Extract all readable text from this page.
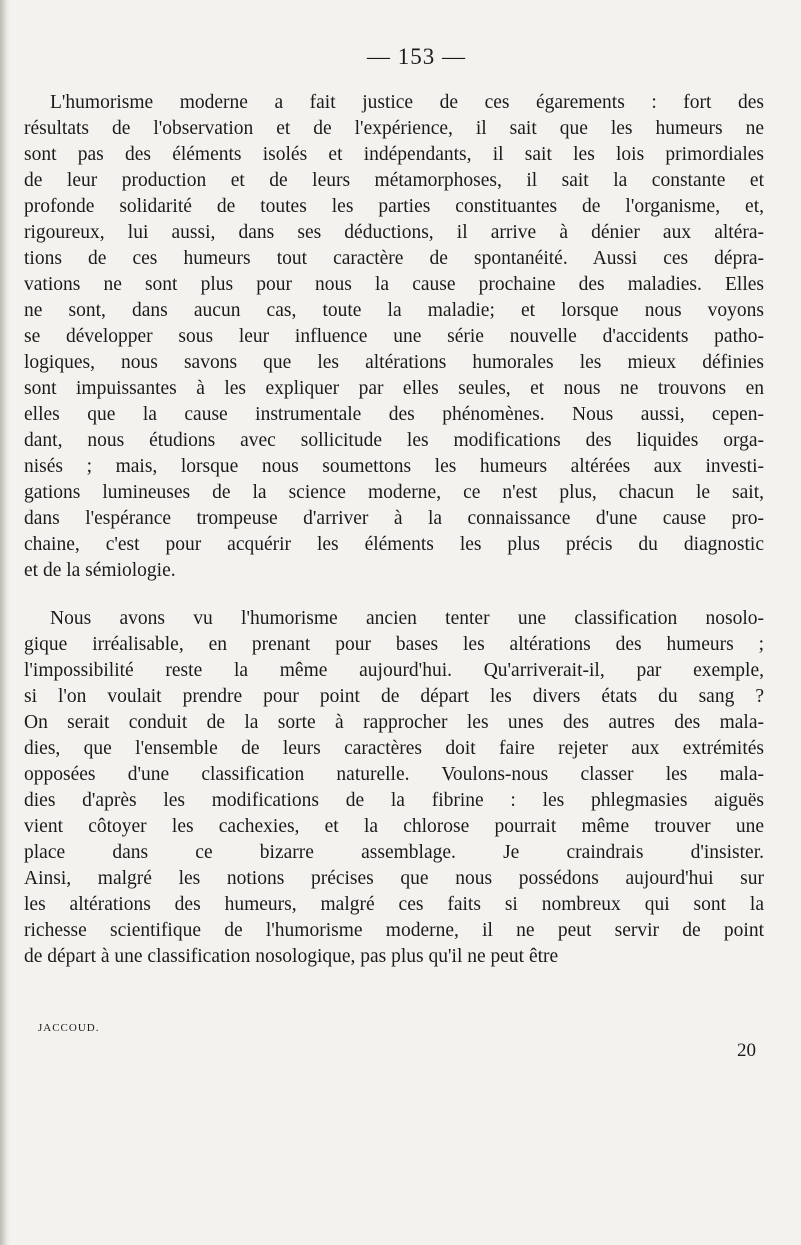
— 153 —
L'humorisme moderne a fait justice de ces égarements : fort des
résultats de l'observation et de l'expérience, il sait que les humeurs ne
sont pas des éléments isolés et indépendants, il sait les lois primordiales
de leur production et de leurs métamorphoses, il sait la constante et
profonde solidarité de toutes les parties constituantes de l'organisme, et,
rigoureux, lui aussi, dans ses déductions, il arrive à dénier aux altéra-
tions de ces humeurs tout caractère de spontanéité. Aussi ces dépra-
vations ne sont plus pour nous la cause prochaine des maladies. Elles
ne sont, dans aucun cas, toute la maladie; et lorsque nous voyons
se développer sous leur influence une série nouvelle d'accidents patho-
logiques, nous savons que les altérations humorales les mieux définies
sont impuissantes à les expliquer par elles seules, et nous ne trouvons en
elles que la cause instrumentale des phénomènes. Nous aussi, cepen-
dant, nous étudions avec sollicitude les modifications des liquides orga-
nisés ; mais, lorsque nous soumettons les humeurs altérées aux investi-
gations lumineuses de la science moderne, ce n'est plus, chacun le sait,
dans l'espérance trompeuse d'arriver à la connaissance d'une cause pro-
chaine, c'est pour acquérir les éléments les plus précis du diagnostic
et de la sémiologie.
Nous avons vu l'humorisme ancien tenter une classification nosolo-
gique irréalisable, en prenant pour bases les altérations des humeurs ;
l'impossibilité reste la même aujourd'hui. Qu'arriverait-il, par exemple,
si l'on voulait prendre pour point de départ les divers états du sang ?
On serait conduit de la sorte à rapprocher les unes des autres des mala-
dies, que l'ensemble de leurs caractères doit faire rejeter aux extrémités
opposées d'une classification naturelle. Voulons-nous classer les mala-
dies d'après les modifications de la fibrine : les phlegmasies aiguës
vient côtoyer les cachexies, et la chlorose pourrait même trouver une
place dans ce bizarre assemblage. Je craindrais d'insister.
Ainsi, malgré les notions précises que nous possédons aujourd'hui sur
les altérations des humeurs, malgré ces faits si nombreux qui sont la
richesse scientifique de l'humorisme moderne, il ne peut servir de point
de départ à une classification nosologique, pas plus qu'il ne peut être
JACCOUD.
20
